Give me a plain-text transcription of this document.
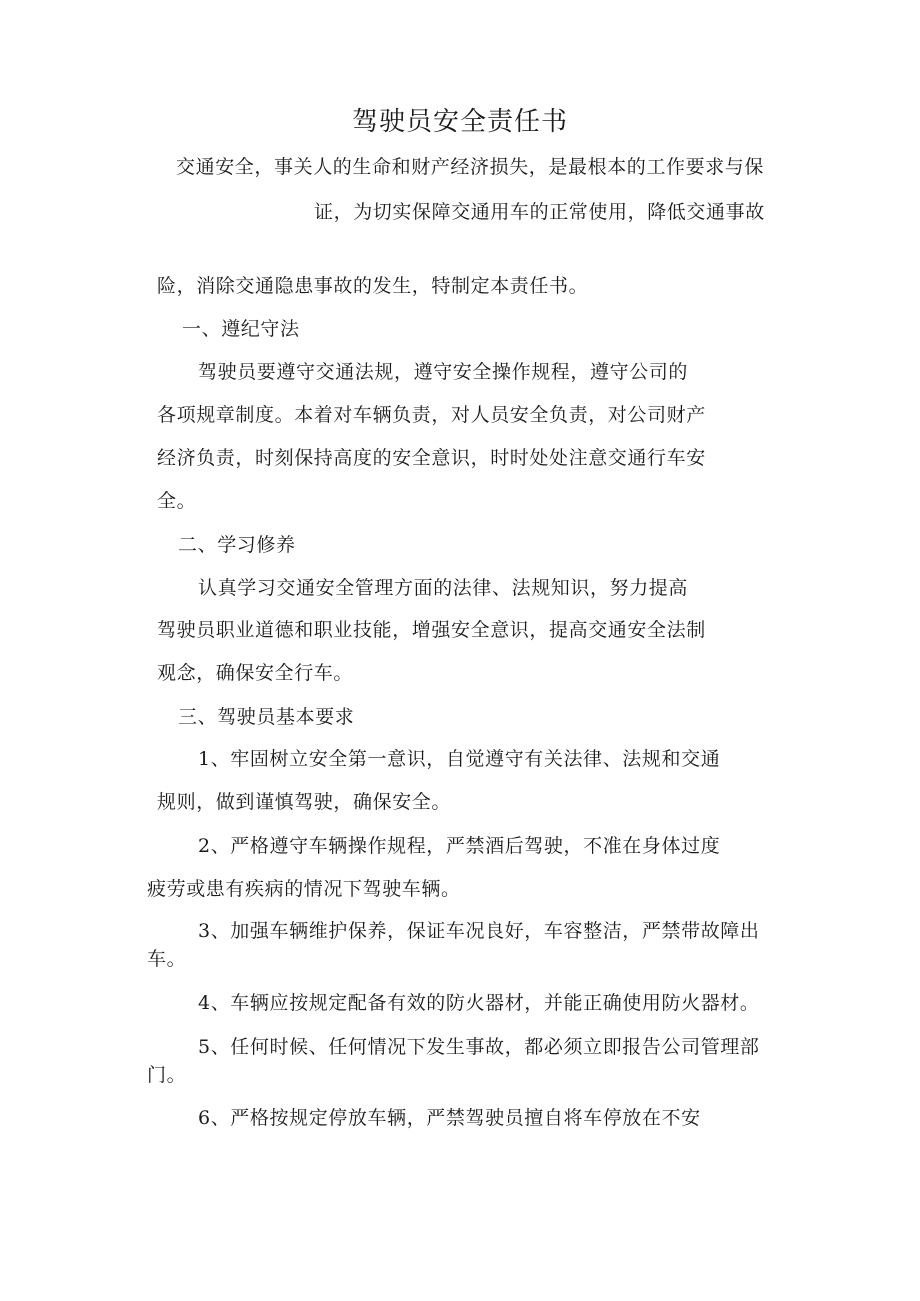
驾驶员安全责任书
交通安全，事关人的生命和财产经济损失，是最根本的工作要求与保
证，为切实保障交通用车的正常使用，降低交通事故
险，消除交通隐患事故的发生，特制定本责任书。
一、遵纪守法
驾驶员要遵守交通法规，遵守安全操作规程，遵守公司的
各项规章制度。本着对车辆负责，对人员安全负责，对公司财产
经济负责，时刻保持高度的安全意识，时时处处注意交通行车安
全。
二、学习修养
认真学习交通安全管理方面的法律、法规知识，努力提高
驾驶员职业道德和职业技能，增强安全意识，提高交通安全法制
观念，确保安全行车。
三、驾驶员基本要求
1、牢固树立安全第一意识，自觉遵守有关法律、法规和交通
规则，做到谨慎驾驶，确保安全。
2、严格遵守车辆操作规程，严禁酒后驾驶，不准在身体过度
疲劳或患有疾病的情况下驾驶车辆。
3、加强车辆维护保养，保证车况良好，车容整洁，严禁带故障出
车。
4、车辆应按规定配备有效的防火器材，并能正确使用防火器材。
5、任何时候、任何情况下发生事故，都必须立即报告公司管理部
门。
6、严格按规定停放车辆，严禁驾驶员擅自将车停放在不安
